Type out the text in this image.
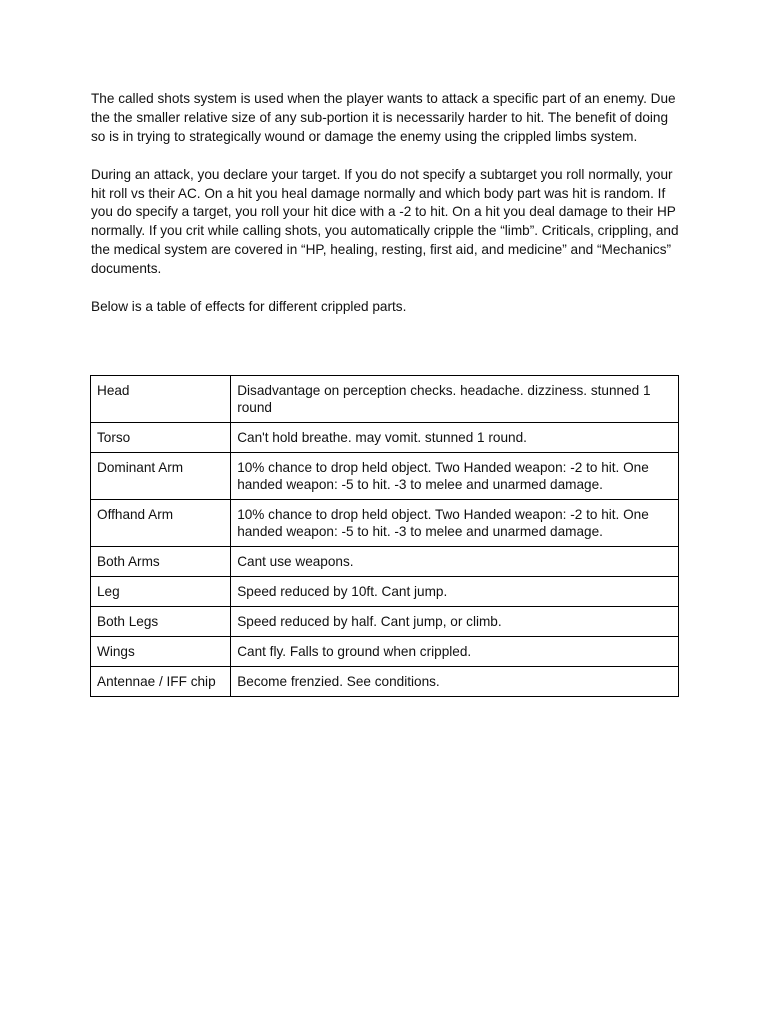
The called shots system is used when the player wants to attack a specific part of an enemy. Due the the smaller relative size of any sub-portion it is necessarily harder to hit. The benefit of doing so is in trying to strategically wound or damage the enemy using the crippled limbs system.

During an attack, you declare your target. If you do not specify a subtarget you roll normally, your hit roll vs their AC. On a hit you heal damage normally and which body part was hit is random. If you do specify a target, you roll your hit dice with a -2 to hit. On a hit you deal damage to their HP normally. If you crit while calling shots, you automatically cripple the “limb”. Criticals, crippling, and the medical system are covered in “HP, healing, resting, first aid, and medicine” and “Mechanics” documents.

Below is a table of effects for different crippled parts.

Head	Disadvantage on perception checks. headache. dizziness. stunned 1 round
Torso	Can't hold breathe. may vomit. stunned 1 round.
Dominant Arm	10% chance to drop held object. Two Handed weapon: -2 to hit. One handed weapon: -5 to hit. -3 to melee and unarmed damage.
Offhand Arm	10% chance to drop held object. Two Handed weapon: -2 to hit. One handed weapon: -5 to hit. -3 to melee and unarmed damage.
Both Arms	Cant use weapons.
Leg	Speed reduced by 10ft. Cant jump.
Both Legs	Speed reduced by half. Cant jump, or climb.
Wings	Cant fly. Falls to ground when crippled.
Antennae / IFF chip	Become frenzied. See conditions.
